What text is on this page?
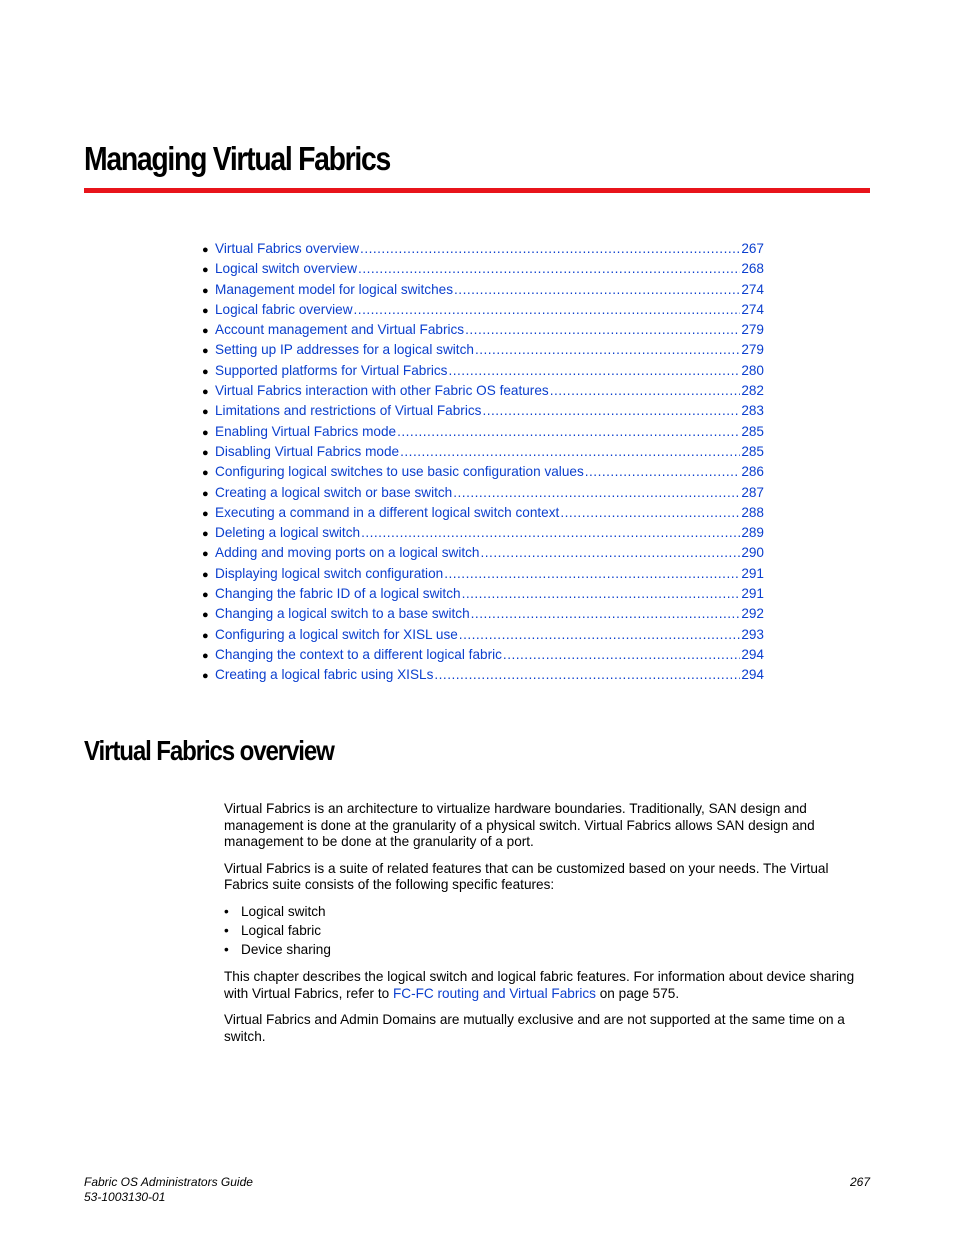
Managing Virtual Fabrics
● Virtual Fabrics overview .....	267
● Logical switch overview .....	268
● Management model for logical switches .....	274
● Logical fabric overview .....	274
● Account management and Virtual Fabrics .....	279
● Setting up IP addresses for a logical switch .....	279
● Supported platforms for Virtual Fabrics .....	280
● Virtual Fabrics interaction with other Fabric OS features .....	282
● Limitations and restrictions of Virtual Fabrics .....	283
● Enabling Virtual Fabrics mode .....	285
● Disabling Virtual Fabrics mode .....	285
● Configuring logical switches to use basic configuration values .....	286
● Creating a logical switch or base switch .....	287
● Executing a command in a different logical switch context .....	288
● Deleting a logical switch .....	289
● Adding and moving ports on a logical switch .....	290
● Displaying logical switch configuration .....	291
● Changing the fabric ID of a logical switch .....	291
● Changing a logical switch to a base switch .....	292
● Configuring a logical switch for XISL use .....	293
● Changing the context to a different logical fabric .....	294
● Creating a logical fabric using XISLs .....	294
Virtual Fabrics overview

Virtual Fabrics is an architecture to virtualize hardware boundaries. Traditionally, SAN design and management is done at the granularity of a physical switch. Virtual Fabrics allows SAN design and management to be done at the granularity of a port.

Virtual Fabrics is a suite of related features that can be customized based on your needs. The Virtual Fabrics suite consists of the following specific features:

• Logical switch
• Logical fabric
• Device sharing

This chapter describes the logical switch and logical fabric features. For information about device sharing with Virtual Fabrics, refer to FC-FC routing and Virtual Fabrics on page 575.

Virtual Fabrics and Admin Domains are mutually exclusive and are not supported at the same time on a switch.

Fabric OS Administrators Guide
53-1003130-01
267
